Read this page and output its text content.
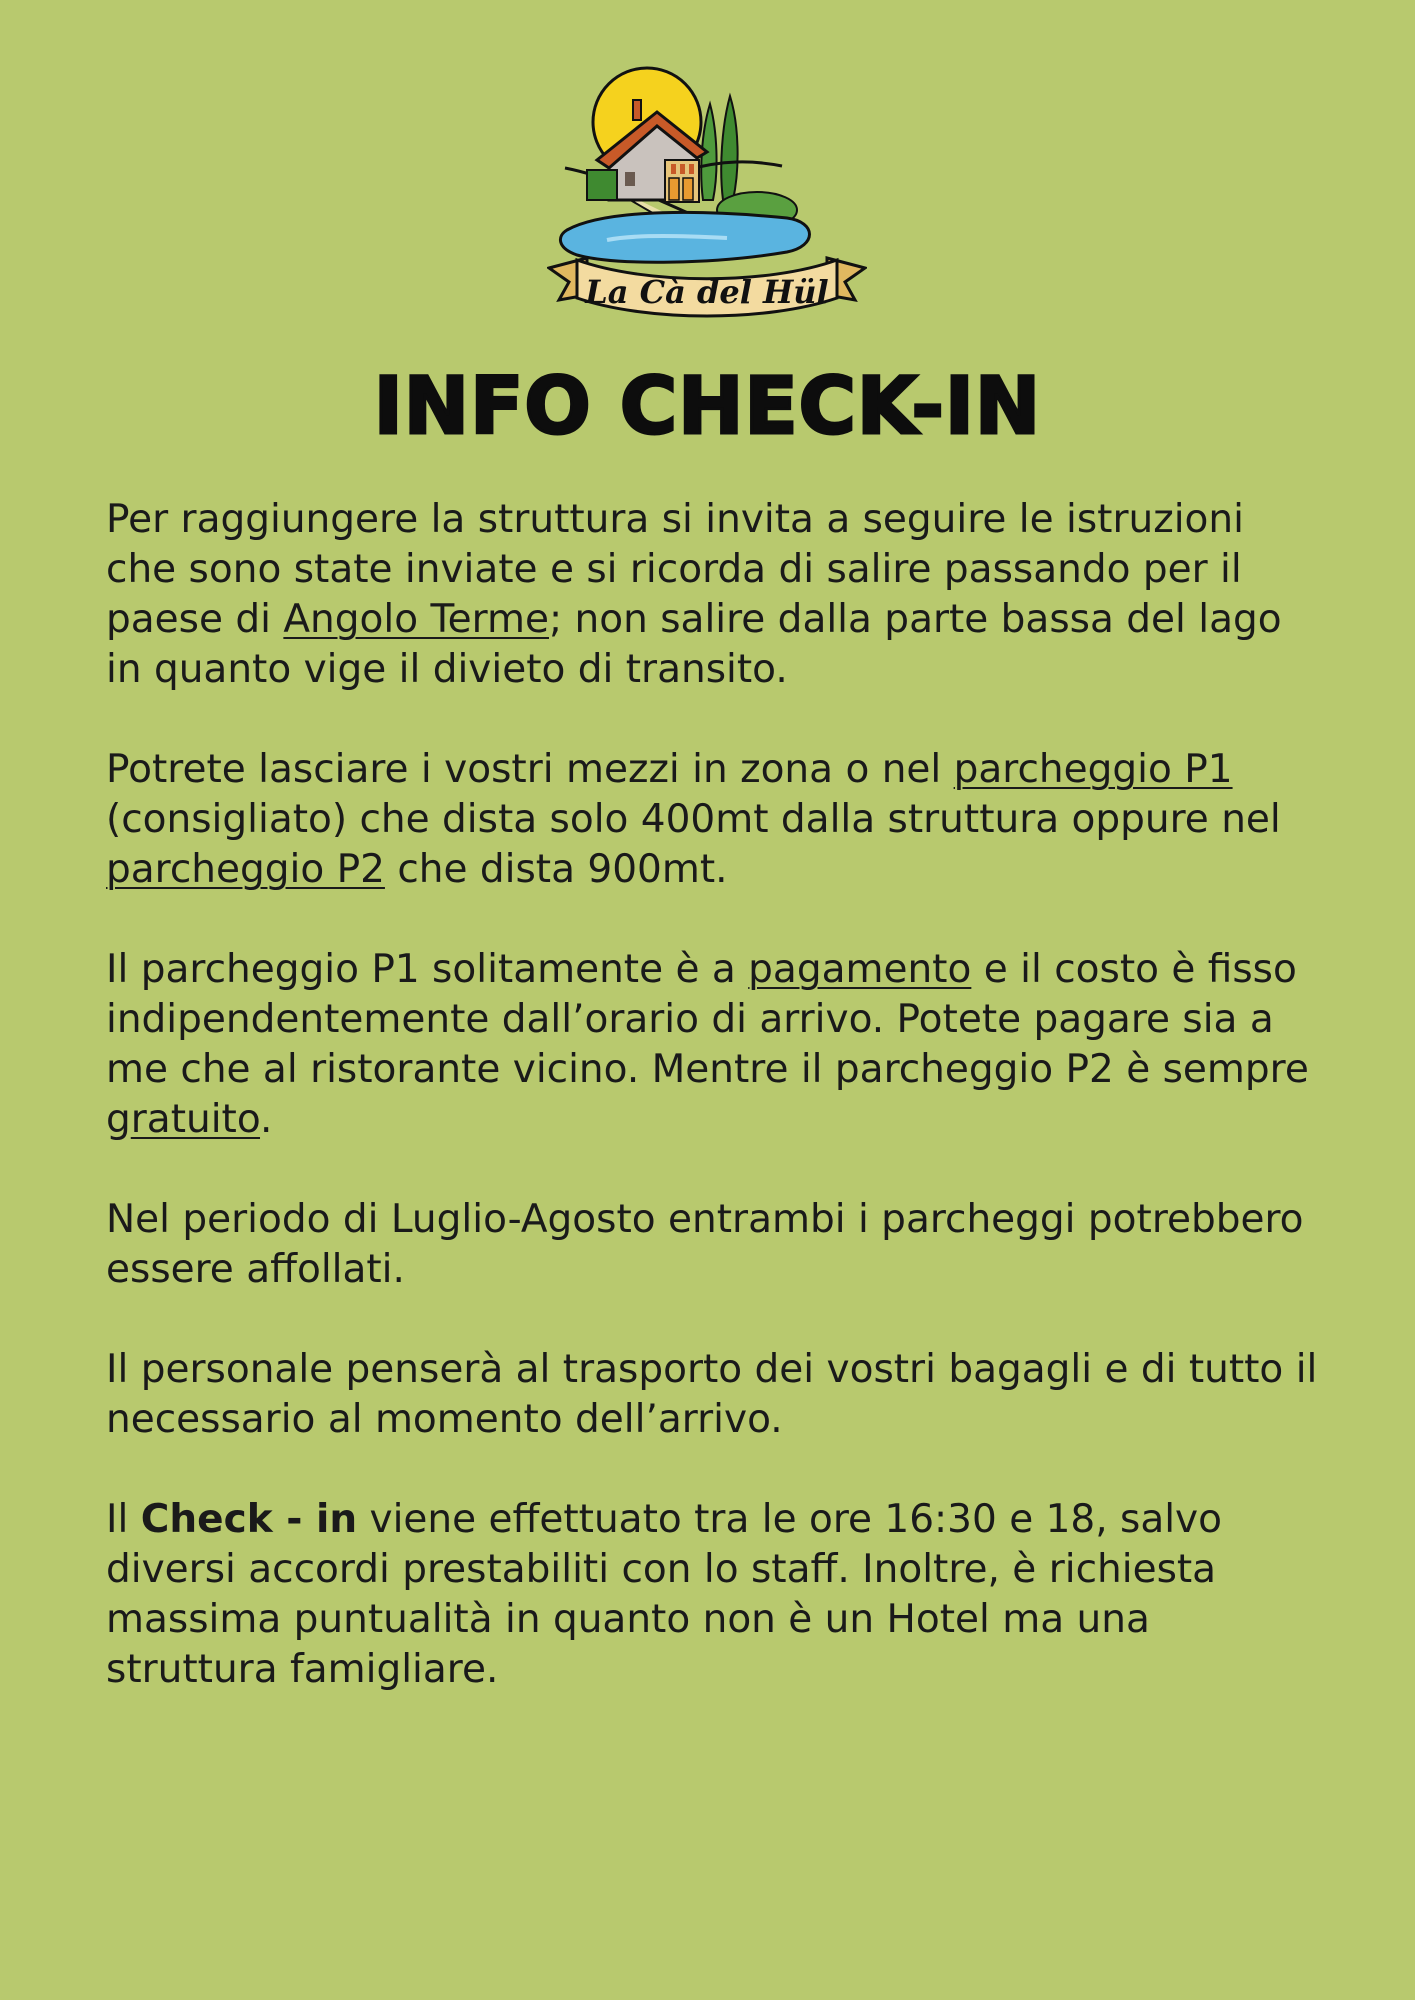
La Cà del Hül
INFO CHECK-IN

Per raggiungere la struttura si invita a seguire le istruzioni che sono state inviate e si ricorda di salire passando per il paese di Angolo Terme; non salire dalla parte bassa del lago in quanto vige il divieto di transito.

Potrete lasciare i vostri mezzi in zona o nel parcheggio P1 (consigliato) che dista solo 400mt dalla struttura oppure nel parcheggio P2 che dista 900mt.

Il parcheggio P1 solitamente è a pagamento e il costo è fisso indipendentemente dall’orario di arrivo. Potete pagare sia a me che al ristorante vicino. Mentre il parcheggio P2 è sempre gratuito.

Nel periodo di Luglio-Agosto entrambi i parcheggi potrebbero essere affollati.

Il personale penserà al trasporto dei vostri bagagli e di tutto il necessario al momento dell’arrivo.

Il Check - in viene effettuato tra le ore 16:30 e 18, salvo diversi accordi prestabiliti con lo staff. Inoltre, è richiesta massima puntualità in quanto non è un Hotel ma una struttura famigliare.
